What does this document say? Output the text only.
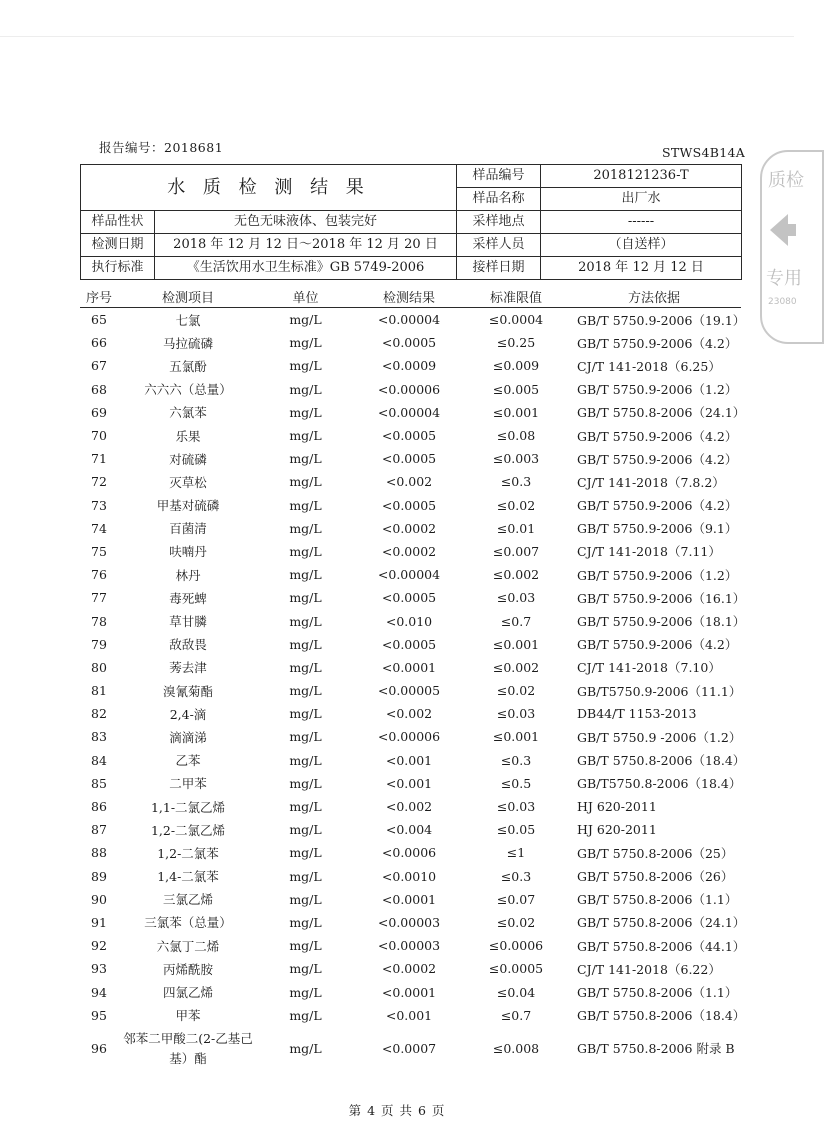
报告编号：2018681	STWS4B14A
水 质 检 测 结 果		样品编号	2018121236-T
		样品名称	出厂水
样品性状	无色无味液体、包装完好	采样地点	------
检测日期	2018 年 12 月 12 日～2018 年 12 月 20 日	采样人员	（自送样）
执行标准	《生活饮用水卫生标准》GB 5749-2006	接样日期	2018 年 12 月 12 日
序号	检测项目	单位	检测结果	标准限值	方法依据
65	七氯	mg/L	<0.00004	≤0.0004	GB/T 5750.9-2006（19.1）
66	马拉硫磷	mg/L	<0.0005	≤0.25	GB/T 5750.9-2006（4.2）
67	五氯酚	mg/L	<0.0009	≤0.009	CJ/T 141-2018（6.25）
68	六六六（总量）	mg/L	<0.00006	≤0.005	GB/T 5750.9-2006（1.2）
69	六氯苯	mg/L	<0.00004	≤0.001	GB/T 5750.8-2006（24.1）
70	乐果	mg/L	<0.0005	≤0.08	GB/T 5750.9-2006（4.2）
71	对硫磷	mg/L	<0.0005	≤0.003	GB/T 5750.9-2006（4.2）
72	灭草松	mg/L	<0.002	≤0.3	CJ/T 141-2018（7.8.2）
73	甲基对硫磷	mg/L	<0.0005	≤0.02	GB/T 5750.9-2006（4.2）
74	百菌清	mg/L	<0.0002	≤0.01	GB/T 5750.9-2006（9.1）
75	呋喃丹	mg/L	<0.0002	≤0.007	CJ/T 141-2018（7.11）
76	林丹	mg/L	<0.00004	≤0.002	GB/T 5750.9-2006（1.2）
77	毒死蜱	mg/L	<0.0005	≤0.03	GB/T 5750.9-2006（16.1）
78	草甘膦	mg/L	<0.010	≤0.7	GB/T 5750.9-2006（18.1）
79	敌敌畏	mg/L	<0.0005	≤0.001	GB/T 5750.9-2006（4.2）
80	莠去津	mg/L	<0.0001	≤0.002	CJ/T 141-2018（7.10）
81	溴氰菊酯	mg/L	<0.00005	≤0.02	GB/T5750.9-2006（11.1）
82	2,4-滴	mg/L	<0.002	≤0.03	DB44/T 1153-2013
83	滴滴涕	mg/L	<0.00006	≤0.001	GB/T 5750.9 -2006（1.2）
84	乙苯	mg/L	<0.001	≤0.3	GB/T 5750.8-2006（18.4）
85	二甲苯	mg/L	<0.001	≤0.5	GB/T5750.8-2006（18.4）
86	1,1-二氯乙烯	mg/L	<0.002	≤0.03	HJ 620-2011
87	1,2-二氯乙烯	mg/L	<0.004	≤0.05	HJ 620-2011
88	1,2-二氯苯	mg/L	<0.0006	≤1	GB/T 5750.8-2006（25）
89	1,4-二氯苯	mg/L	<0.0010	≤0.3	GB/T 5750.8-2006（26）
90	三氯乙烯	mg/L	<0.0001	≤0.07	GB/T 5750.8-2006（1.1）
91	三氯苯（总量）	mg/L	<0.00003	≤0.02	GB/T 5750.8-2006（24.1）
92	六氯丁二烯	mg/L	<0.00003	≤0.0006	GB/T 5750.8-2006（44.1）
93	丙烯酰胺	mg/L	<0.0002	≤0.0005	CJ/T 141-2018（6.22）
94	四氯乙烯	mg/L	<0.0001	≤0.04	GB/T 5750.8-2006（1.1）
95	甲苯	mg/L	<0.001	≤0.7	GB/T 5750.8-2006（18.4）
96	邻苯二甲酸二(2-乙基己基）酯	mg/L	<0.0007	≤0.008	GB/T 5750.8-2006 附录 B
质检
专用
23080
第 4 页 共 6 页
